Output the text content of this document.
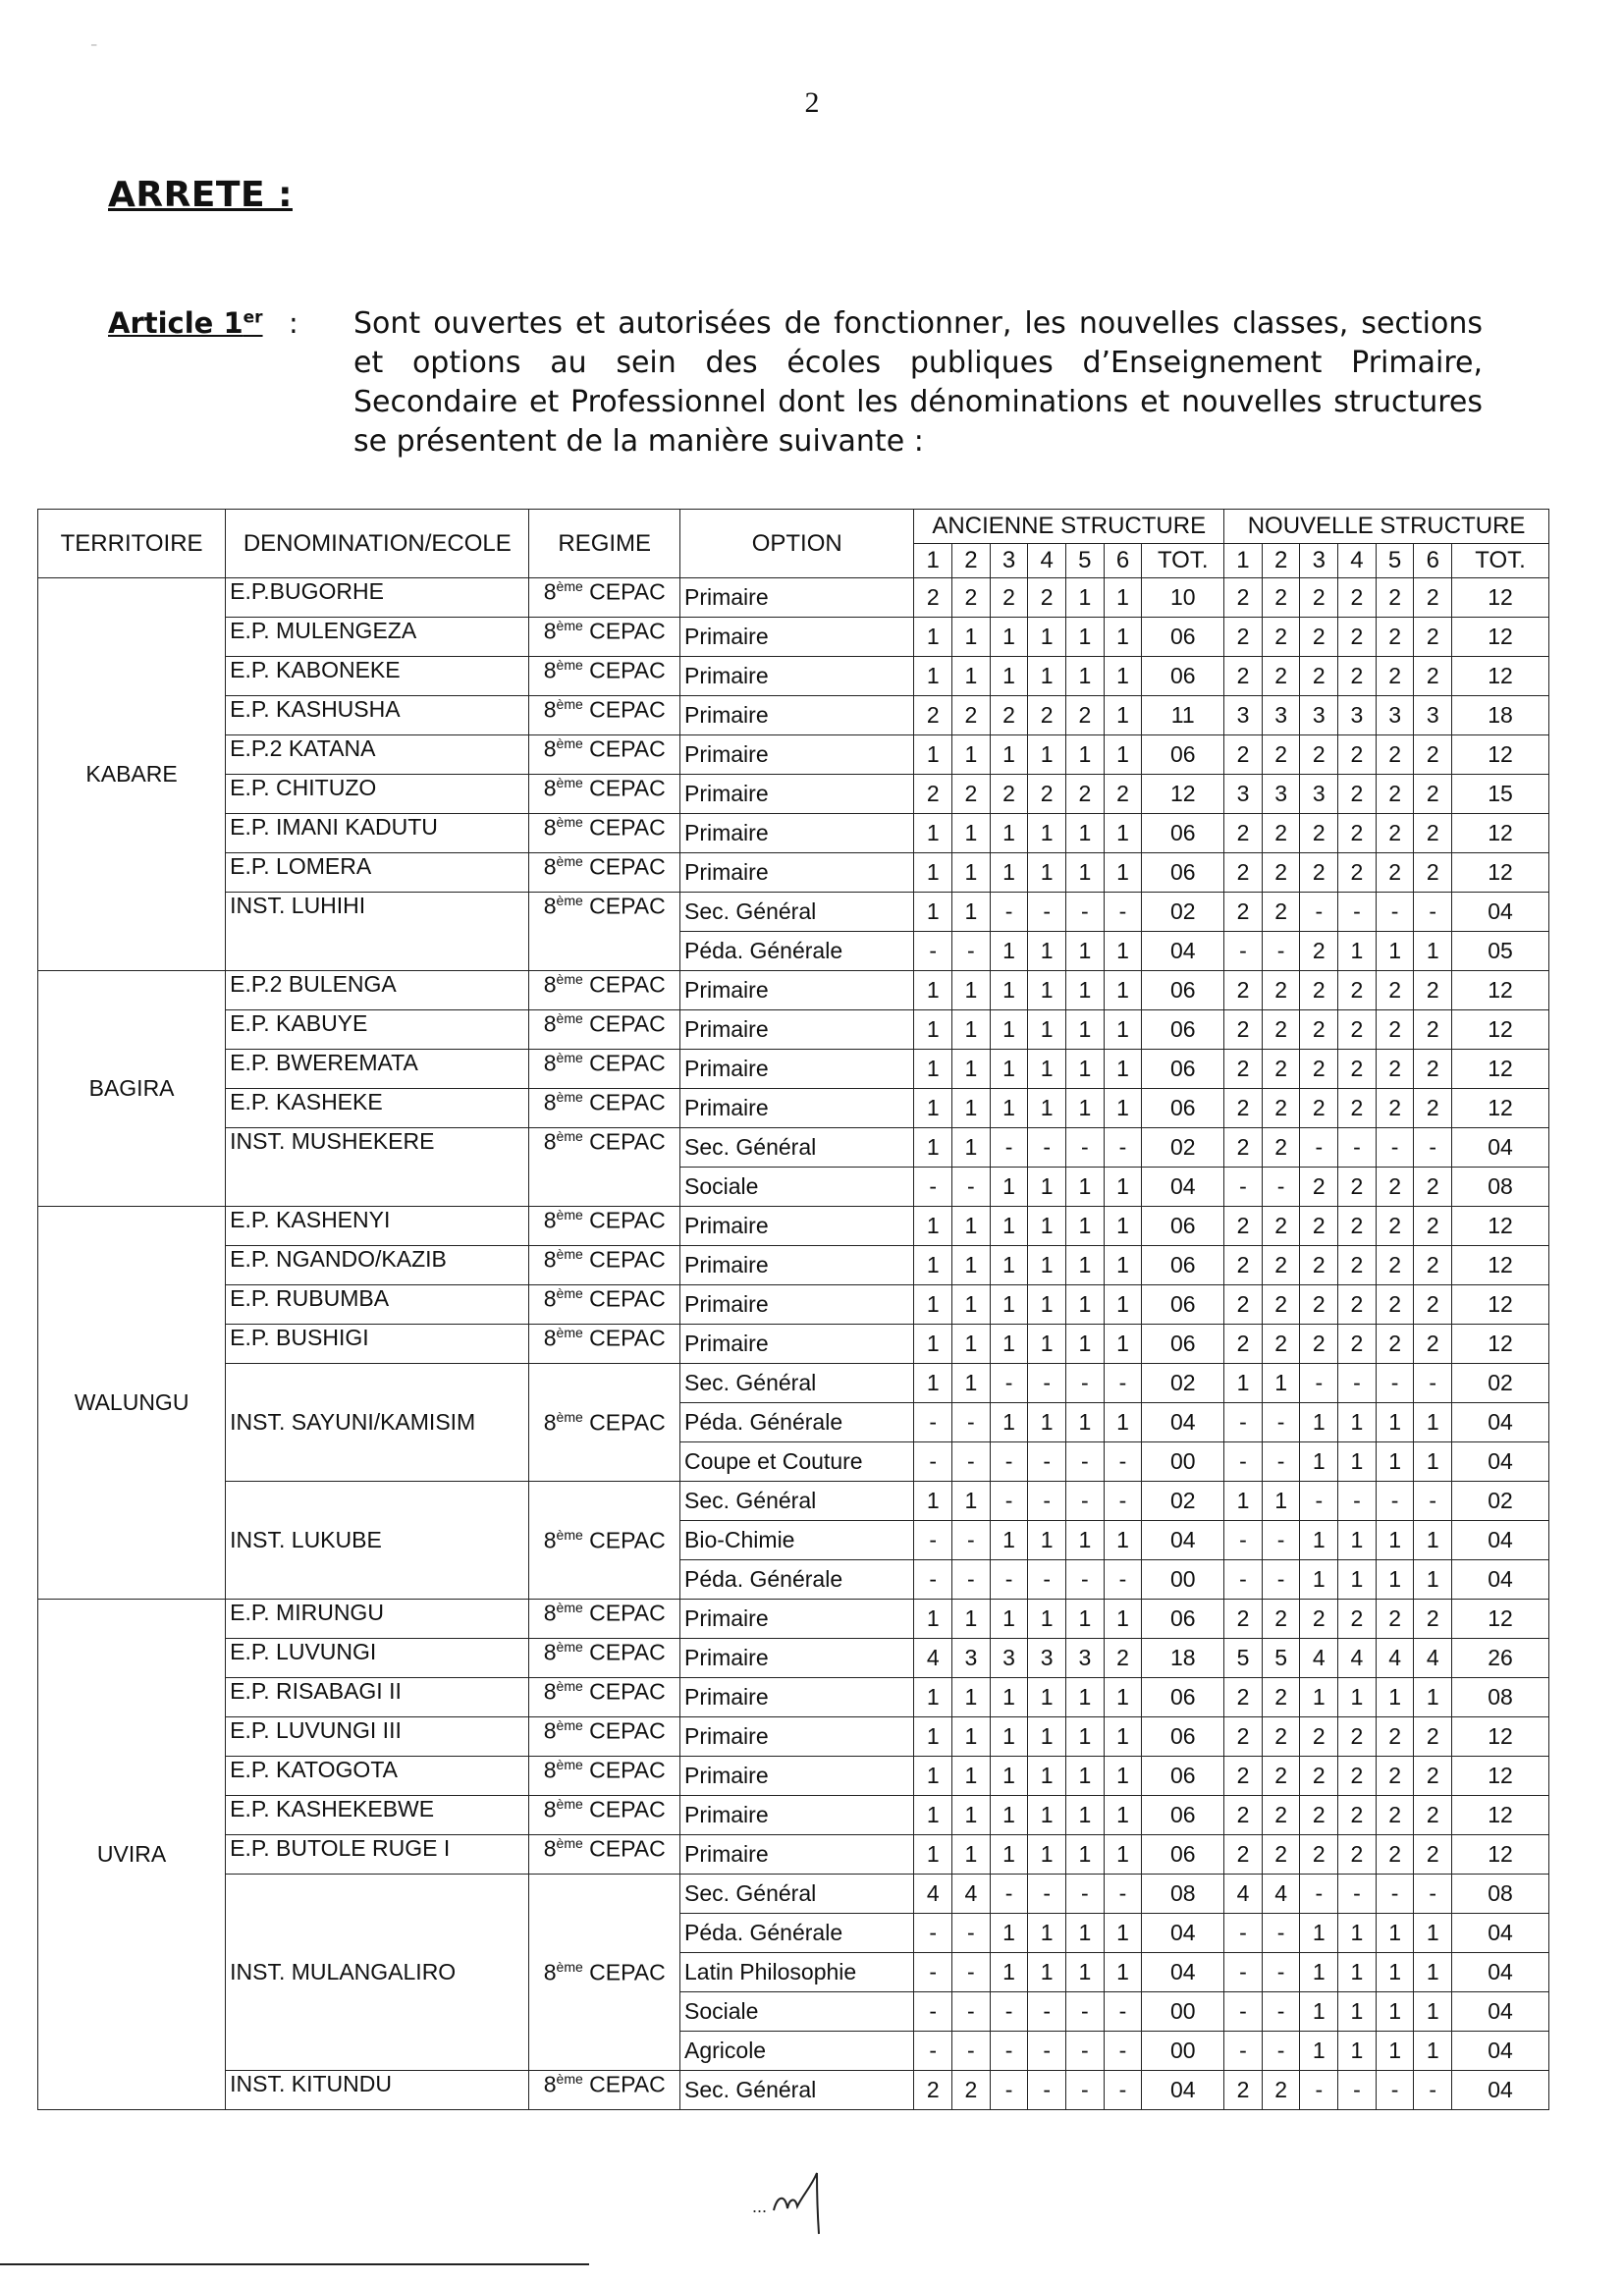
⁻
2
ARRETE :
Article 1er : Sont ouvertes et autorisées de fonctionner, les nouvelles classes, sections et options au sein des écoles publiques d’Enseignement Primaire, Secondaire et Professionnel dont les dénominations et nouvelles structures se présentent de la manière suivante :
TERRITOIRE	DENOMINATION/ECOLE	REGIME	OPTION	ANCIENNE STRUCTURE							NOUVELLE STRUCTURE						
				1	2	3	4	5	6	TOT.	1	2	3	4	5	6	TOT.
KABARE	E.P.BUGORHE	8ème CEPAC	Primaire	2	2	2	2	1	1	10	2	2	2	2	2	2	12
	E.P. MULENGEZA	8ème CEPAC	Primaire	1	1	1	1	1	1	06	2	2	2	2	2	2	12
	E.P. KABONEKE	8ème CEPAC	Primaire	1	1	1	1	1	1	06	2	2	2	2	2	2	12
	E.P. KASHUSHA	8ème CEPAC	Primaire	2	2	2	2	2	1	11	3	3	3	3	3	3	18
	E.P.2 KATANA	8ème CEPAC	Primaire	1	1	1	1	1	1	06	2	2	2	2	2	2	12
	E.P. CHITUZO	8ème CEPAC	Primaire	2	2	2	2	2	2	12	3	3	3	2	2	2	15
	E.P. IMANI KADUTU	8ème CEPAC	Primaire	1	1	1	1	1	1	06	2	2	2	2	2	2	12
	E.P. LOMERA	8ème CEPAC	Primaire	1	1	1	1	1	1	06	2	2	2	2	2	2	12
	INST. LUHIHI	8ème CEPAC	Sec. Général	1	1	-	-	-	-	02	2	2	-	-	-	-	04
			Péda. Générale	-	-	1	1	1	1	04	-	-	2	1	1	1	05
BAGIRA	E.P.2 BULENGA	8ème CEPAC	Primaire	1	1	1	1	1	1	06	2	2	2	2	2	2	12
	E.P. KABUYE	8ème CEPAC	Primaire	1	1	1	1	1	1	06	2	2	2	2	2	2	12
	E.P. BWEREMATA	8ème CEPAC	Primaire	1	1	1	1	1	1	06	2	2	2	2	2	2	12
	E.P. KASHEKE	8ème CEPAC	Primaire	1	1	1	1	1	1	06	2	2	2	2	2	2	12
	INST. MUSHEKERE	8ème CEPAC	Sec. Général	1	1	-	-	-	-	02	2	2	-	-	-	-	04
			Sociale	-	-	1	1	1	1	04	-	-	2	2	2	2	08
WALUNGU	E.P. KASHENYI	8ème CEPAC	Primaire	1	1	1	1	1	1	06	2	2	2	2	2	2	12
	E.P. NGANDO/KAZIB	8ème CEPAC	Primaire	1	1	1	1	1	1	06	2	2	2	2	2	2	12
	E.P. RUBUMBA	8ème CEPAC	Primaire	1	1	1	1	1	1	06	2	2	2	2	2	2	12
	E.P. BUSHIGI	8ème CEPAC	Primaire	1	1	1	1	1	1	06	2	2	2	2	2	2	12
	INST. SAYUNI/KAMISIM	8ème CEPAC	Sec. Général	1	1	-	-	-	-	02	1	1	-	-	-	-	02
			Péda. Générale	-	-	1	1	1	1	04	-	-	1	1	1	1	04
			Coupe et Couture	-	-	-	-	-	-	00	-	-	1	1	1	1	04
	INST. LUKUBE	8ème CEPAC	Sec. Général	1	1	-	-	-	-	02	1	1	-	-	-	-	02
			Bio-Chimie	-	-	1	1	1	1	04	-	-	1	1	1	1	04
			Péda. Générale	-	-	-	-	-	-	00	-	-	1	1	1	1	04
UVIRA	E.P. MIRUNGU	8ème CEPAC	Primaire	1	1	1	1	1	1	06	2	2	2	2	2	2	12
	E.P. LUVUNGI	8ème CEPAC	Primaire	4	3	3	3	3	2	18	5	5	4	4	4	4	26
	E.P. RISABAGI II	8ème CEPAC	Primaire	1	1	1	1	1	1	06	2	2	1	1	1	1	08
	E.P. LUVUNGI III	8ème CEPAC	Primaire	1	1	1	1	1	1	06	2	2	2	2	2	2	12
	E.P. KATOGOTA	8ème CEPAC	Primaire	1	1	1	1	1	1	06	2	2	2	2	2	2	12
	E.P. KASHEKEBWE	8ème CEPAC	Primaire	1	1	1	1	1	1	06	2	2	2	2	2	2	12
	E.P. BUTOLE RUGE I	8ème CEPAC	Primaire	1	1	1	1	1	1	06	2	2	2	2	2	2	12
	INST. MULANGALIRO	8ème CEPAC	Sec. Général	4	4	-	-	-	-	08	4	4	-	-	-	-	08
			Péda. Générale	-	-	1	1	1	1	04	-	-	1	1	1	1	04
			Latin Philosophie	-	-	1	1	1	1	04	-	-	1	1	1	1	04
			Sociale	-	-	-	-	-	-	00	-	-	1	1	1	1	04
			Agricole	-	-	-	-	-	-	00	-	-	1	1	1	1	04
	INST. KITUNDU	8ème CEPAC	Sec. Général	2	2	-	-	-	-	04	2	2	-	-	-	-	04
...
